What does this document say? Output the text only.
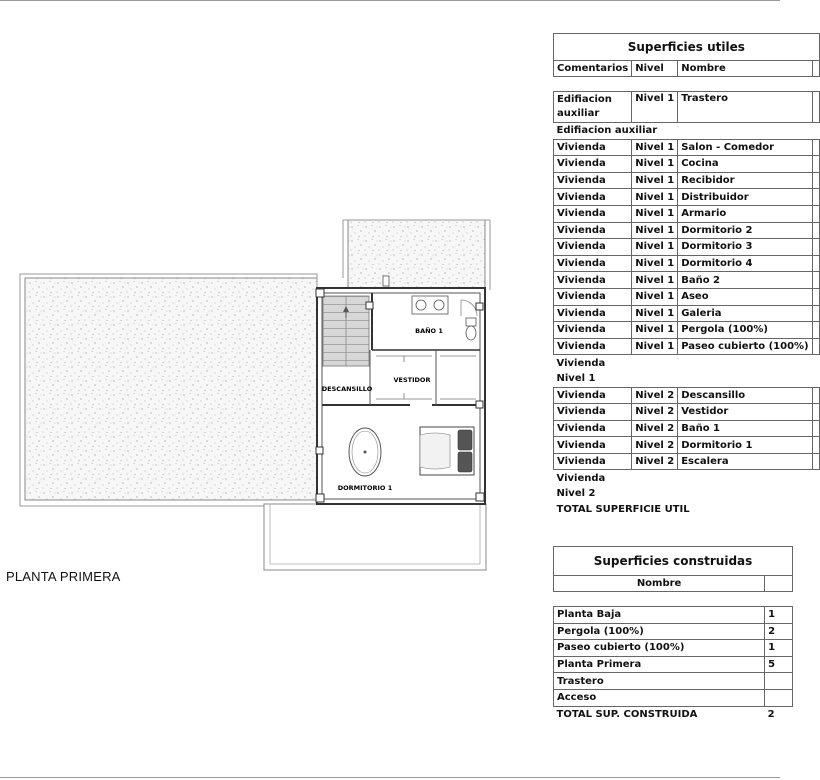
BAÑO 1
VESTIDOR
DESCANSILLO
DORMITORIO 1
PLANTA PRIMERA
Superficies utiles			
Comentarios	Nivel	Nombre	

Edifiacion auxiliar	Nivel 1	Trastero	
Edifiacion auxiliar			
Vivienda	Nivel 1	Salon - Comedor	
Vivienda	Nivel 1	Cocina	
Vivienda	Nivel 1	Recibidor	
Vivienda	Nivel 1	Distribuidor	
Vivienda	Nivel 1	Armario	
Vivienda	Nivel 1	Dormitorio 2	
Vivienda	Nivel 1	Dormitorio 3	
Vivienda	Nivel 1	Dormitorio 4	
Vivienda	Nivel 1	Baño 2	
Vivienda	Nivel 1	Aseo	
Vivienda	Nivel 1	Galeria	
Vivienda	Nivel 1	Pergola (100%)	
Vivienda	Nivel 1	Paseo cubierto (100%)	
Vivienda			
Nivel 1			
Vivienda	Nivel 2	Descansillo	
Vivienda	Nivel 2	Vestidor	
Vivienda	Nivel 2	Baño 1	
Vivienda	Nivel 2	Dormitorio 1	
Vivienda	Nivel 2	Escalera	
Vivienda			
Nivel 2			
TOTAL SUPERFICIE UTIL			
Superficies construidas	
Nombre	

Planta Baja	1
Pergola (100%)	2
Paseo cubierto (100%)	1
Planta Primera	5
Trastero	
Acceso	
TOTAL SUP. CONSTRUIDA	2
